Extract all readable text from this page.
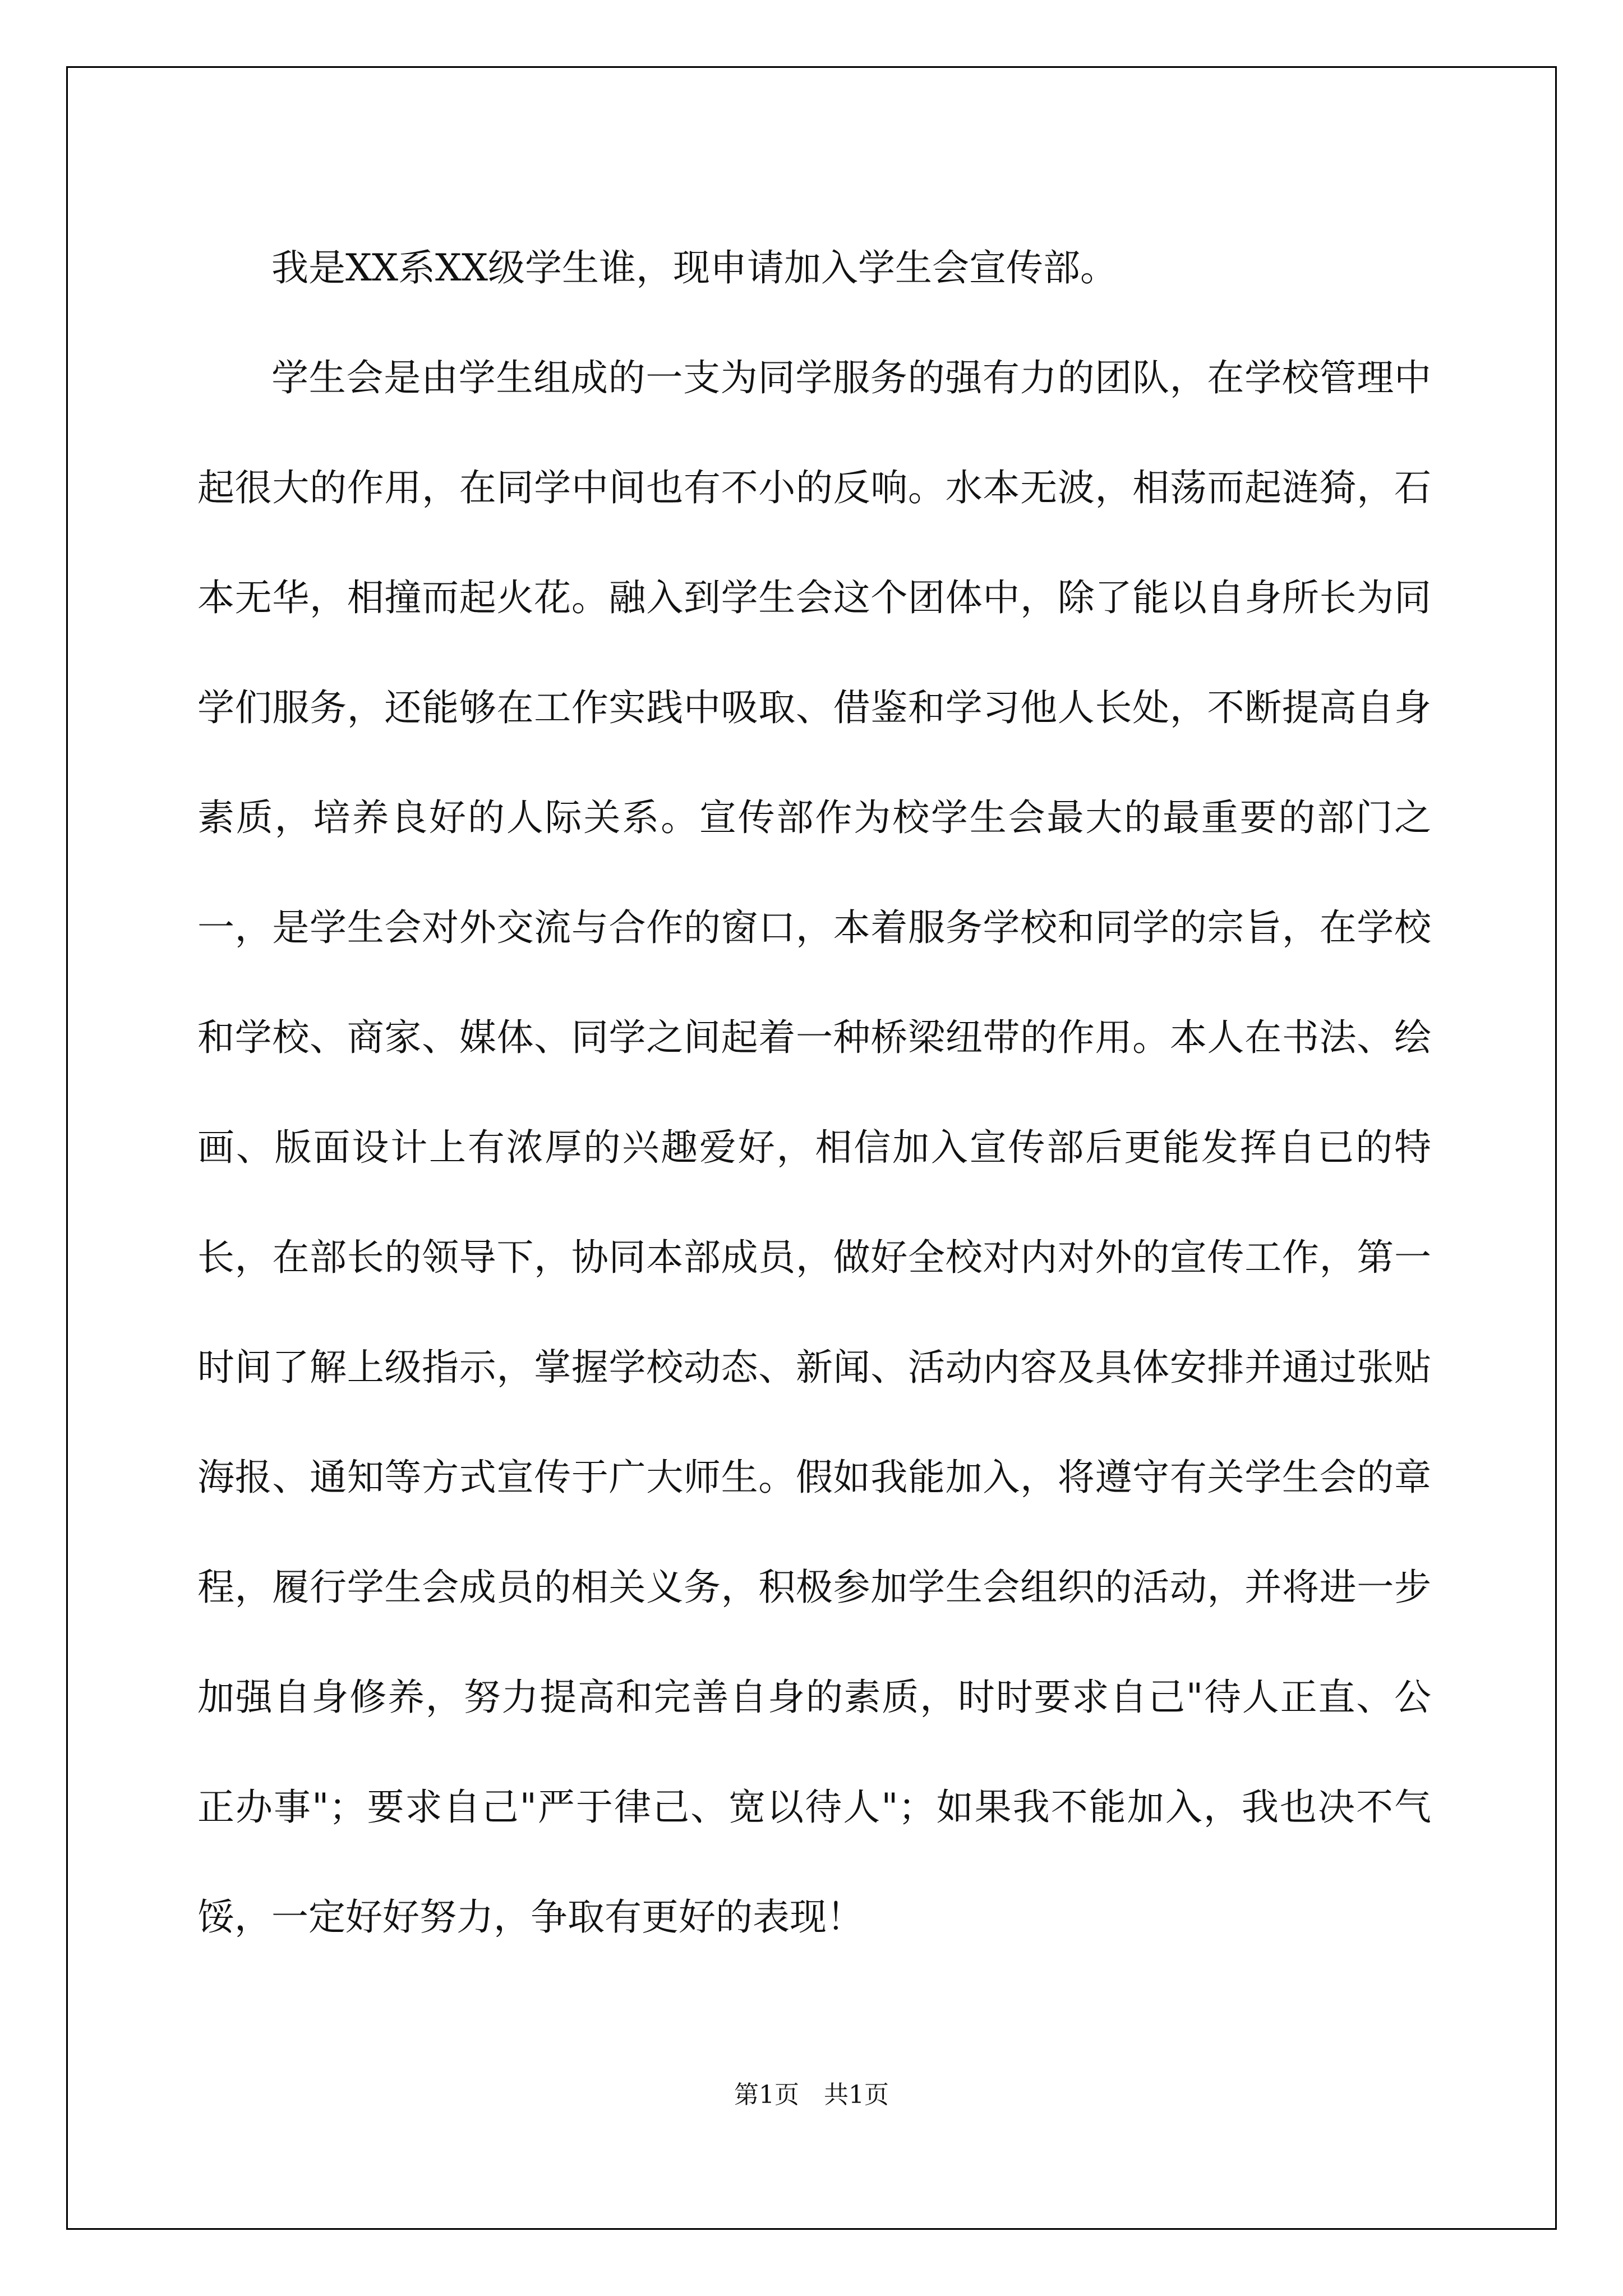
我是XX系XX级学生谁，现申请加入学生会宣传部。

学生会是由学生组成的一支为同学服务的强有力的团队，在学校管理中起很大的作用，在同学中间也有不小的反响。水本无波，相荡而起涟猗，石本无华，相撞而起火花。融入到学生会这个团体中，除了能以自身所长为同学们服务，还能够在工作实践中吸取、借鉴和学习他人长处，不断提高自身素质，培养良好的人际关系。宣传部作为校学生会最大的最重要的部门之一，是学生会对外交流与合作的窗口，本着服务学校和同学的宗旨，在学校和学校、商家、媒体、同学之间起着一种桥梁纽带的作用。本人在书法、绘画、版面设计上有浓厚的兴趣爱好，相信加入宣传部后更能发挥自已的特长，在部长的领导下，协同本部成员，做好全校对内对外的宣传工作，第一时间了解上级指示，掌握学校动态、新闻、活动内容及具体安排并通过张贴海报、通知等方式宣传于广大师生。假如我能加入，将遵守有关学生会的章程，履行学生会成员的相关义务，积极参加学生会组织的活动，并将进一步加强自身修养，努力提高和完善自身的素质，时时要求自己"待人正直、公正办事"；要求自己"严于律己、宽以待人"；如果我不能加入，我也决不气馁，一定好好努力，争取有更好的表现！

第1页 共1页
